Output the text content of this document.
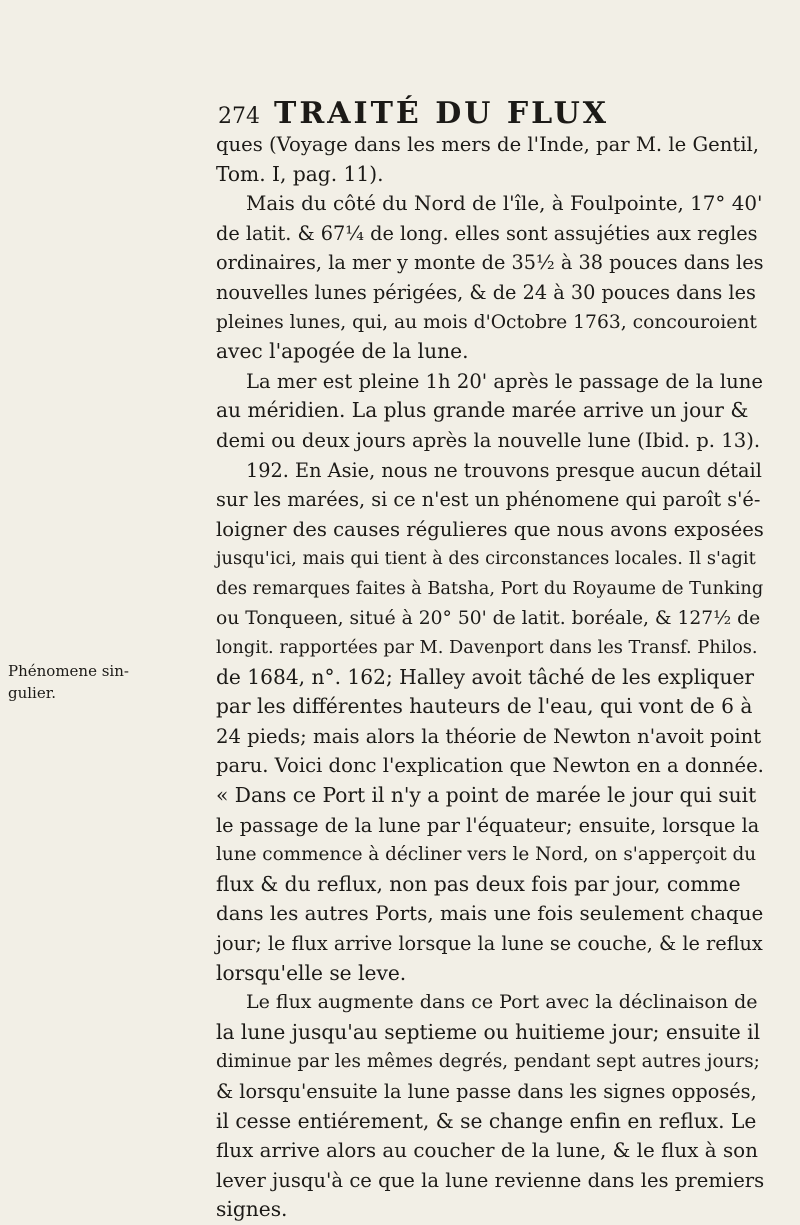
274 TRAITÉ DU FLUX
Phénomene sin-
gulier.
ques (Voyage dans les mers de l'Inde, par M. le Gentil,
Tom. I, pag. 11).
Mais du côté du Nord de l'île, à Foulpointe, 17° 40'
de latit. & 67¼ de long. elles sont assujéties aux regles
ordinaires, la mer y monte de 35½ à 38 pouces dans les
nouvelles lunes périgées, & de 24 à 30 pouces dans les
pleines lunes, qui, au mois d'Octobre 1763, concouroient
avec l'apogée de la lune.
La mer est pleine 1h 20' après le passage de la lune
au méridien. La plus grande marée arrive un jour &
demi ou deux jours après la nouvelle lune (Ibid. p. 13).
192. En Asie, nous ne trouvons presque aucun détail
sur les marées, si ce n'est un phénomene qui paroît s'é-
loigner des causes régulieres que nous avons exposées
jusqu'ici, mais qui tient à des circonstances locales. Il s'agit
des remarques faites à Batsha, Port du Royaume de Tunking
ou Tonqueen, situé à 20° 50' de latit. boréale, & 127½ de
longit. rapportées par M. Davenport dans les Transf. Philos.
de 1684, n°. 162; Halley avoit tâché de les expliquer
par les différentes hauteurs de l'eau, qui vont de 6 à
24 pieds; mais alors la théorie de Newton n'avoit point
paru. Voici donc l'explication que Newton en a donnée.
« Dans ce Port il n'y a point de marée le jour qui suit
le passage de la lune par l'équateur; ensuite, lorsque la
lune commence à décliner vers le Nord, on s'apperçoit du
flux & du reflux, non pas deux fois par jour, comme
dans les autres Ports, mais une fois seulement chaque
jour; le flux arrive lorsque la lune se couche, & le reflux
lorsqu'elle se leve.
Le flux augmente dans ce Port avec la déclinaison de
la lune jusqu'au septieme ou huitieme jour; ensuite il
diminue par les mêmes degrés, pendant sept autres jours;
& lorsqu'ensuite la lune passe dans les signes opposés,
il cesse entiérement, & se change enfin en reflux. Le
flux arrive alors au coucher de la lune, & le flux à son
lever jusqu'à ce que la lune revienne dans les premiers
signes.
